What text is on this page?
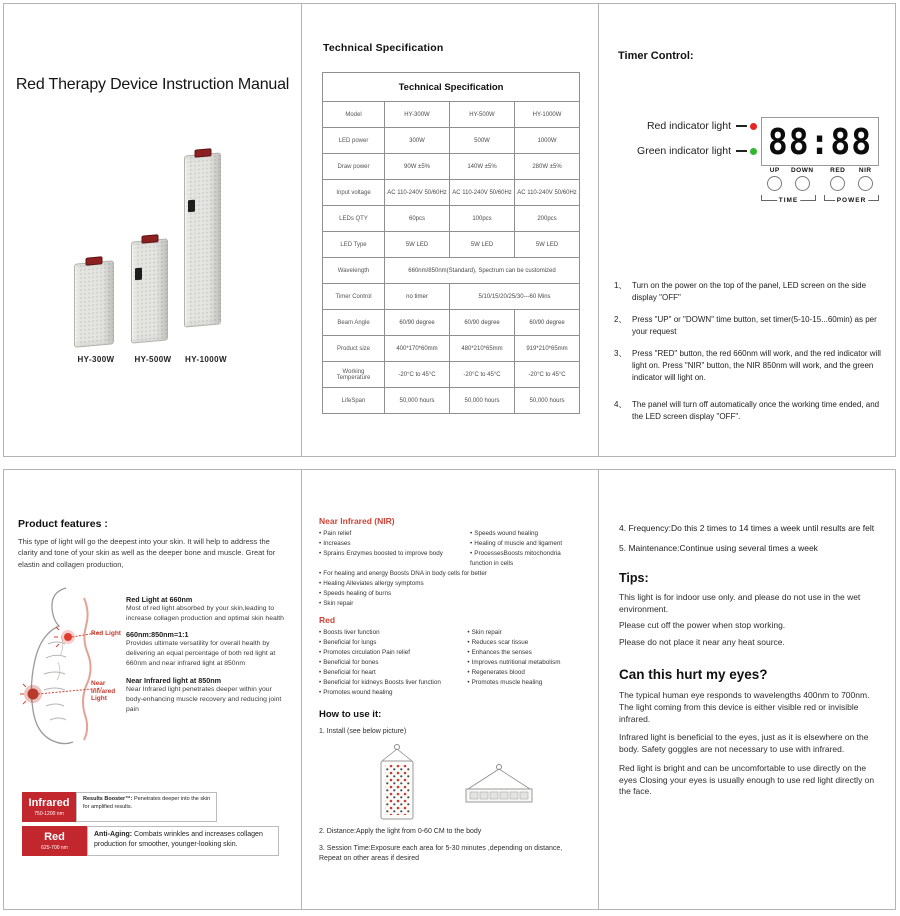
Red Therapy Device Instruction Manual
HY-300W	HY-500W	HY-1000W
Technical Specification
Technical Specification			
Model	HY-300W	HY-500W	HY-1000W
LED power	300W	500W	1000W
Draw power	90W ±5%	140W ±5%	280W ±5%
Input voltage	AC 110-240V 50/60Hz	AC 110-240V 50/60Hz	AC 110-240V 50/60Hz
LEDs QTY	60pcs	100pcs	200pcs
LED Type	5W LED	5W LED	5W LED
Wavelength	660nm/850nm(Standard), Spectrum can be customized		
Timer Control	no timer	5/10/15/20/25/30---60 Mins	
Beam Angle	60/90 degree	60/90 degree	60/90 degree
Product size	400*170*60mm	480*210*65mm	919*210*65mm
Working Temperature	-20°C to 45°C	-20°C to 45°C	-20°C to 45°C
LifeSpan	50,000 hours	50,000 hours	50,000 hours
Timer Control:
Red indicator light
Green indicator light 88:88
UP DOWN
TIME
RED NIR
POWER
1、 Turn on the power on the top of the panel, LED screen on the side display "OFF"
2、 Press "UP" or "DOWN" time button, set timer(5-10-15...60min) as per your request
3、 Press "RED" button, the red 660nm will work, and the red indicator will light on. Press "NIR" button, the NIR 850nm will work, and the green indicator will light on.
4、 The panel will turn off automatically once the working time ended, and the LED screen display "OFF".
Product features :

This type of light will go the deepest into your skin. It will help to address the clarity and tone of your skin as well as the deeper bone and muscle. Great for elastin and collagen production,

Red Light
Near Infrared Light
Red Light at 660nm
Most of red light absorbed by your skin,leading to increase collagen production and optimal skin health
660nm:850nm=1:1
Provides ultimate versatility for overall health by delivering an equal percentage of both red light at 660nm and near infrared light at 850nm
Near Infrared light at 850nm
Near Infrared light penetrates deeper within your body-enhancing muscle recovery and reducing joint pain
Infrared
750-1200 nm
Results Booster™: Penetrates deeper into the skin for amplified results.
Red
625-700 nm
Anti-Aging: Combats wrinkles and increases collagen production for smoother, younger-looking skin.
Near Infrared (NIR)
• Pain relief	• Speeds wound healing
• Increases	• Healing of muscle and ligament
• Sprains Enzymes boosted to improve body	• ProcessesBoosts mitochondria function in cells
• For healing and energy Boosts DNA in body cells for better
• Healing Alleviates allergy symptoms
• Speeds healing of burns
• Skin repair
Red
• Boosts liver function
• Beneficial for lungs
• Promotes circulation Pain relief
• Beneficial for bones
• Beneficial for heart
• Beneficial for kidneys Boosts liver function
• Promotes wound healing
• Skin repair
• Reduces scar tissue
• Enhances the senses
• Improves nutritional metabolism
• Regenerates blood
• Promotes muscle healing
How to use it:
1. Install (see below picture)
2. Distance:Apply the light from 0-60 CM to the body
3. Session Time:Exposure each area for 5-30 minutes ,depending on distance, Repeat on other areas if desired
4. Frequency:Do this 2 times to 14 times a week until results are felt
5. Maintenance:Continue using several times a week
Tips:
This light is for indoor use only. and please do not use in the wet environment.
Please cut off the power when stop working.
Please do not place it near any heat source.
Can this hurt my eyes?
The typical human eye responds to wavelengths 400nm to 700nm. The light coming from this device is either visible red or invisible infrared.
Infrared light is beneficial to the eyes, just as it is elsewhere on the body. Safety goggles are not necessary to use with infrared.
Red light is bright and can be uncomfortable to use directly on the eyes Closing your eyes is usually enough to use red light directly on the face.
